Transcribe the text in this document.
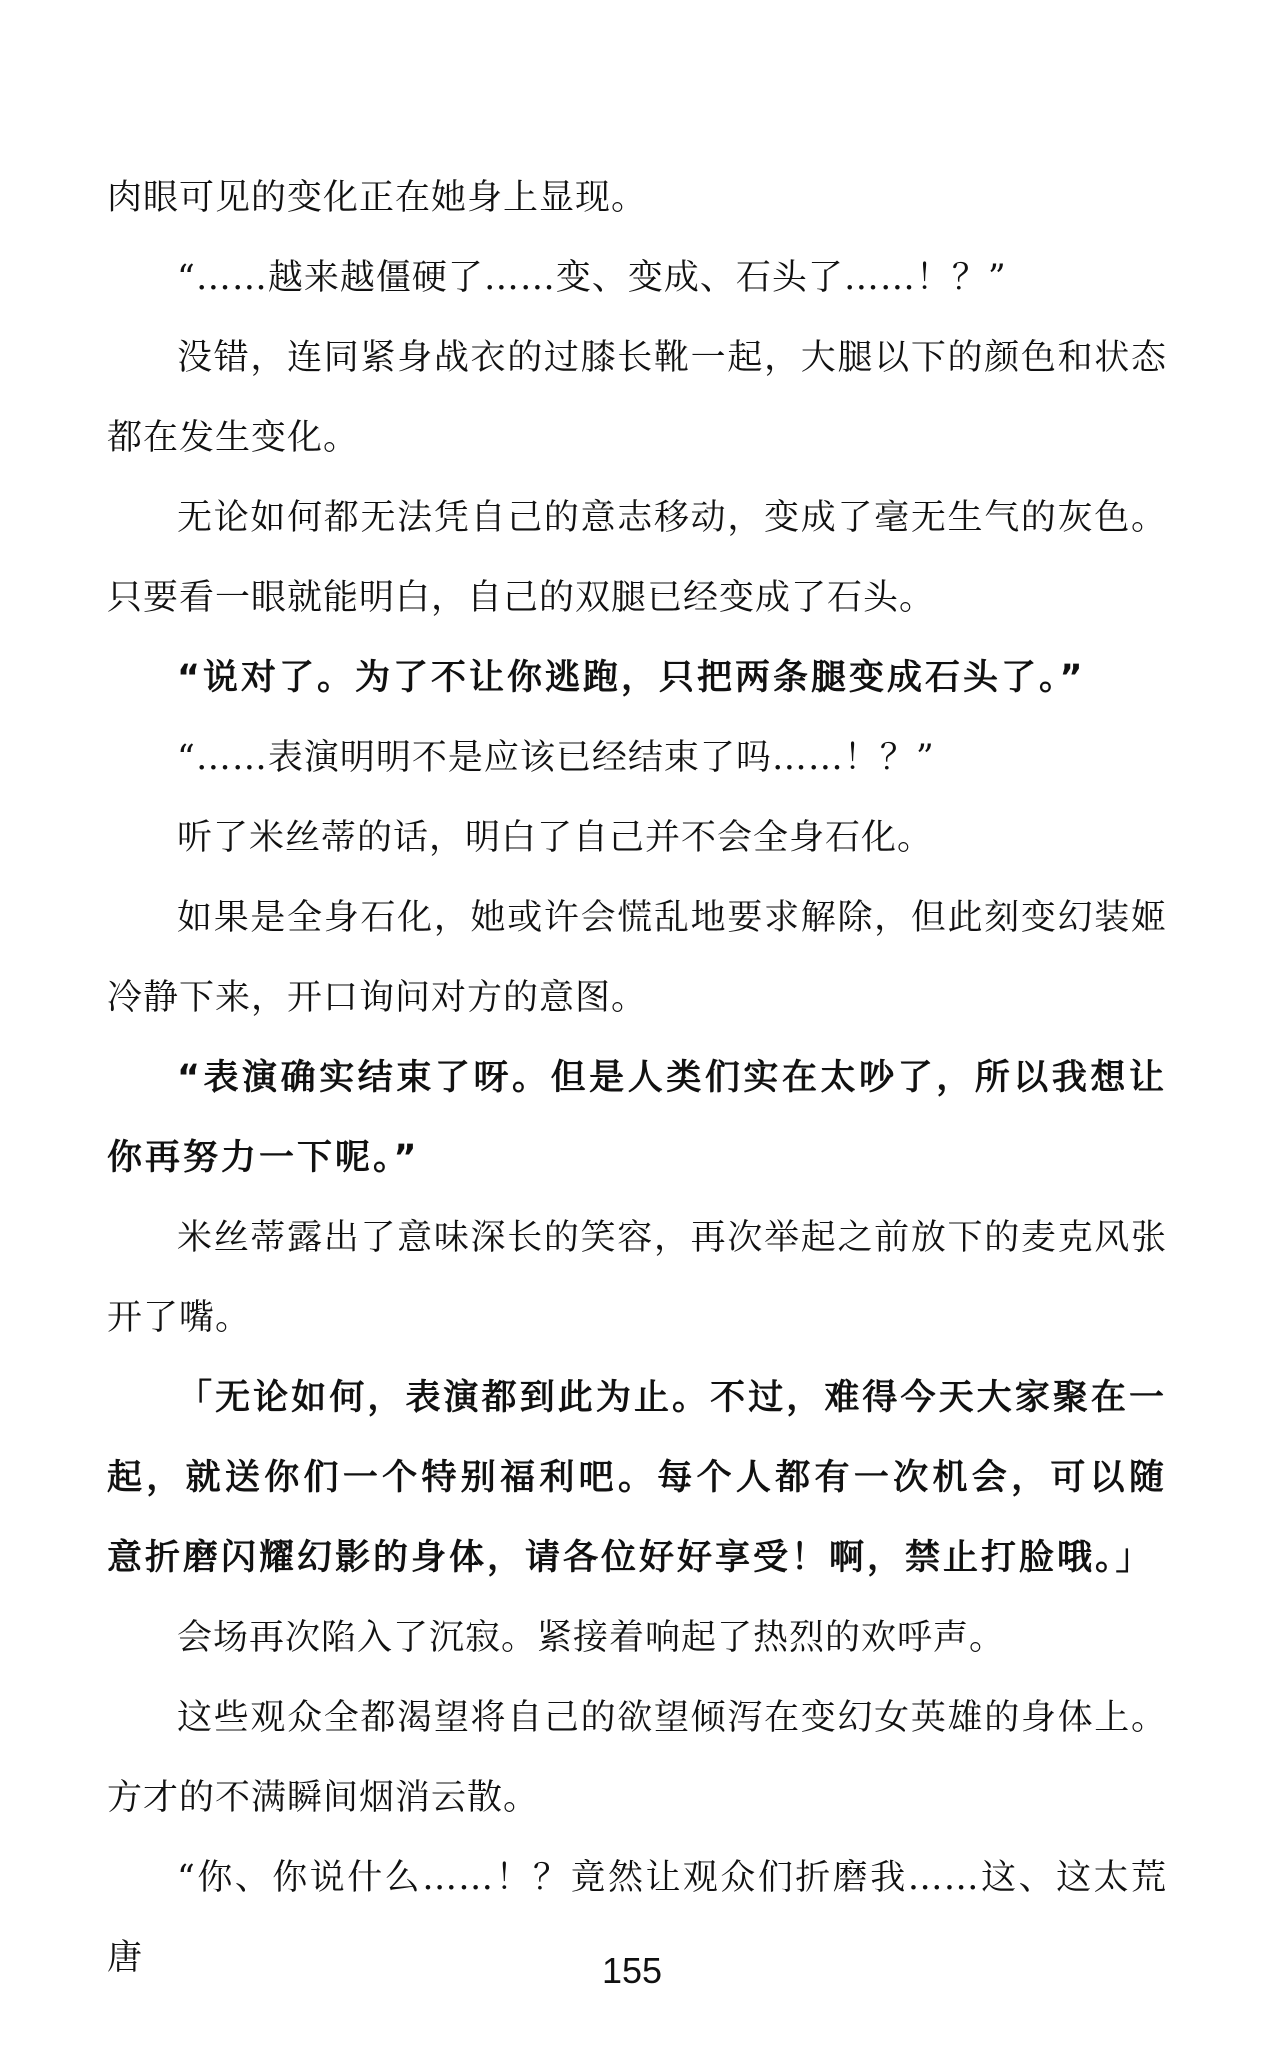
肉眼可见的变化正在她身上显现。

“……越来越僵硬了……变、变成、石头了……！？”

没错，连同紧身战衣的过膝长靴一起，大腿以下的颜色和状态都在发生变化。

无论如何都无法凭自己的意志移动，变成了毫无生气的灰色。只要看一眼就能明白，自己的双腿已经变成了石头。

“说对了。为了不让你逃跑，只把两条腿变成石头了。”

“……表演明明不是应该已经结束了吗……！？”

听了米丝蒂的话，明白了自己并不会全身石化。

如果是全身石化，她或许会慌乱地要求解除，但此刻变幻装姬冷静下来，开口询问对方的意图。

“表演确实结束了呀。但是人类们实在太吵了，所以我想让你再努力一下呢。”

米丝蒂露出了意味深长的笑容，再次举起之前放下的麦克风张开了嘴。

「无论如何，表演都到此为止。不过，难得今天大家聚在一起，就送你们一个特别福利吧。每个人都有一次机会，可以随意折磨闪耀幻影的身体，请各位好好享受！啊，禁止打脸哦。」

会场再次陷入了沉寂。紧接着响起了热烈的欢呼声。

这些观众全都渴望将自己的欲望倾泻在变幻女英雄的身体上。方才的不满瞬间烟消云散。

“你、你说什么……！？竟然让观众们折磨我……这、这太荒唐	155
